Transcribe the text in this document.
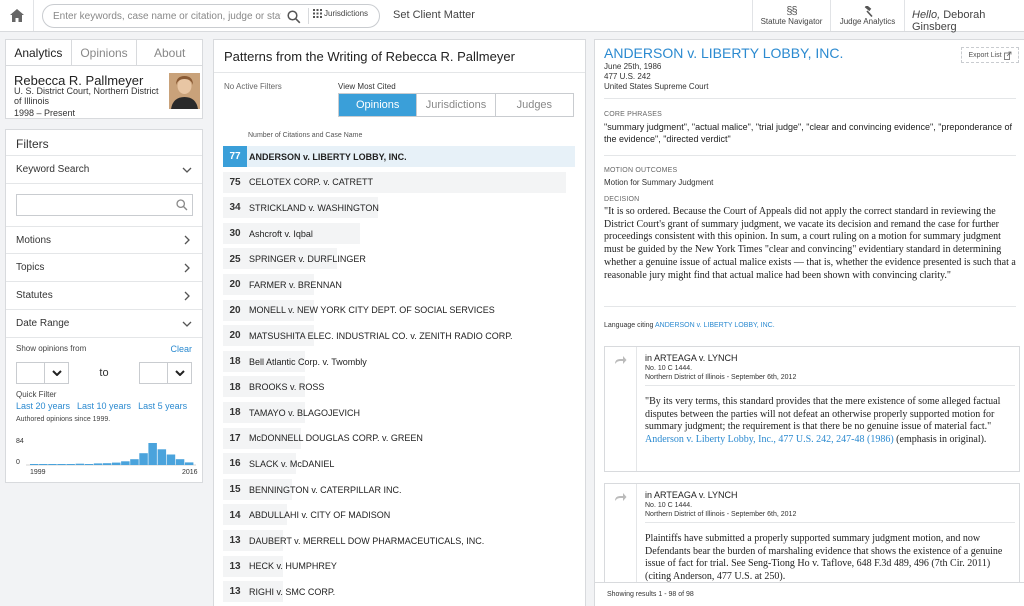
Enter keywords, case name or citation, judge or statute
Jurisdictions Set Client Matter	§§
Statute Navigator Judge Analytics Hello, Deborah Ginsberg
Analytics	Opinions	About
Rebecca R. Pallmeyer
U. S. District Court, Northern District of Illinois
1998 – Present
Filters
Keyword Search
Motions
Topics
Statutes
Date Range
Show opinions from	Clear
to
Quick Filter
Last 20 years Last 10 years Last 5 years
Authored opinions since 1999.
84
0
1999	2016
Patterns from the Writing of Rebecca R. Pallmeyer
No Active Filters	View Most Cited
Opinions	Jurisdictions	Judges
Number of Citations and Case Name
77 ANDERSON v. LIBERTY LOBBY, INC.
75 CELOTEX CORP. v. CATRETT
34 STRICKLAND v. WASHINGTON
30 Ashcroft v. Iqbal
25 SPRINGER v. DURFLINGER
20 FARMER v. BRENNAN
20 MONELL v. NEW YORK CITY DEPT. OF SOCIAL SERVICES
20 MATSUSHITA ELEC. INDUSTRIAL CO. v. ZENITH RADIO CORP.
18 Bell Atlantic Corp. v. Twombly
18 BROOKS v. ROSS
18 TAMAYO v. BLAGOJEVICH
17 McDONNELL DOUGLAS CORP. v. GREEN
16 SLACK v. McDANIEL
15 BENNINGTON v. CATERPILLAR INC.
14 ABDULLAHI v. CITY OF MADISON
13 DAUBERT v. MERRELL DOW PHARMACEUTICALS, INC.
13 HECK v. HUMPHREY
13 RIGHI v. SMC CORP.
ANDERSON v. LIBERTY LOBBY, INC.	Export List
June 25th, 1986
477 U.S. 242
United States Supreme Court
CORE PHRASES
"summary judgment", "actual malice", "trial judge", "clear and convincing evidence", "preponderance of the evidence", "directed verdict"
MOTION OUTCOMES
Motion for Summary Judgment
DECISION
"It is so ordered. Because the Court of Appeals did not apply the correct standard in reviewing the District Court's grant of summary judgment, we vacate its decision and remand the case for further proceedings consistent with this opinion. In sum, a court ruling on a motion for summary judgment must be guided by the New York Times "clear and convincing" evidentiary standard in determining whether a genuine issue of actual malice exists — that is, whether the evidence presented is such that a reasonable jury might find that actual malice had been shown with convincing clarity."
Language citing ANDERSON v. LIBERTY LOBBY, INC.
in ARTEAGA v. LYNCH
No. 10 C 1444.
Northern District of Illinois - September 6th, 2012
"By its very terms, this standard provides that the mere existence of some alleged factual disputes between the parties will not defeat an otherwise properly supported motion for summary judgment; the requirement is that there be no genuine issue of material fact." Anderson v. Liberty Lobby, Inc., 477 U.S. 242, 247-48 (1986) (emphasis in original).
in ARTEAGA v. LYNCH
No. 10 C 1444.
Northern District of Illinois - September 6th, 2012
Plaintiffs have submitted a properly supported summary judgment motion, and now Defendants bear the burden of marshaling evidence that shows the existence of a genuine issue of fact for trial. See Seng-Tiong Ho v. Taflove, 648 F.3d 489, 496 (7th Cir. 2011) (citing Anderson, 477 U.S. at 250).
Showing results 1 - 98 of 98
